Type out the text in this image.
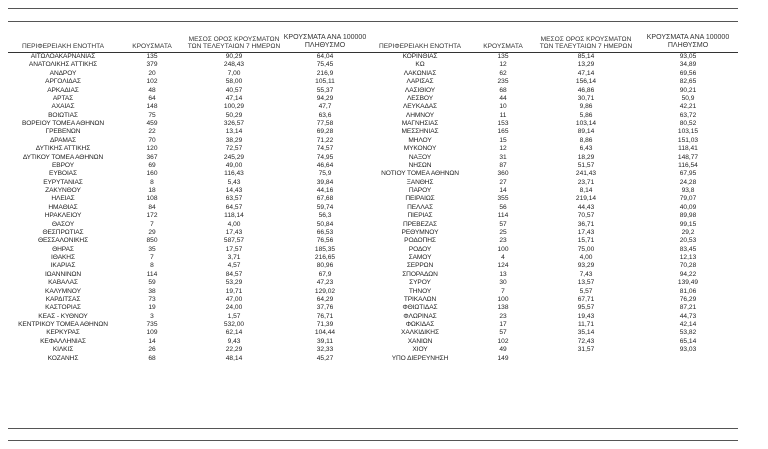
ΠΕΡΙΦΕΡΕΙΑΚΗ ΕΝΟΤΗΤΑ	ΚΡΟΥΣΜΑΤΑ	ΜΕΣΟΣ ΟΡΟΣ ΚΡΟΥΣΜΑΤΩΝ ΤΩΝ ΤΕΛΕΥΤΑΙΩΝ 7 ΗΜΕΡΩΝ	ΚΡΟΥΣΜΑΤΑ ΑΝΑ 100000 ΠΛΗΘΥΣΜΟ	ΠΕΡΙΦΕΡΕΙΑΚΗ ΕΝΟΤΗΤΑ	ΚΡΟΥΣΜΑΤΑ	ΜΕΣΟΣ ΟΡΟΣ ΚΡΟΥΣΜΑΤΩΝ ΤΩΝ ΤΕΛΕΥΤΑΙΩΝ 7 ΗΜΕΡΩΝ	ΚΡΟΥΣΜΑΤΑ ΑΝΑ 100000 ΠΛΗΘΥΣΜΟ
ΑΙΤΩΛΟΑΚΑΡΝΑΝΙΑΣ	135	90,29	64,04	ΚΟΡΙΝΘΙΑΣ	135	85,14	93,05
ΑΝΑΤΟΛΙΚΗΣ ΑΤΤΙΚΗΣ	379	248,43	75,45	ΚΩ	12	13,29	34,89
ΑΝΔΡΟΥ	20	7,00	216,9	ΛΑΚΩΝΙΑΣ	62	47,14	69,56
ΑΡΓΟΛΙΔΑΣ	102	58,00	105,11	ΛΑΡΙΣΑΣ	235	156,14	82,65
ΑΡΚΑΔΙΑΣ	48	40,57	55,37	ΛΑΣΙΘΙΟΥ	68	46,86	90,21
ΑΡΤΑΣ	64	47,14	94,29	ΛΕΣΒΟΥ	44	30,71	50,9
ΑΧΑΪΑΣ	148	100,29	47,7	ΛΕΥΚΑΔΑΣ	10	9,86	42,21
ΒΟΙΩΤΙΑΣ	75	50,29	63,6	ΛΗΜΝΟΥ	11	5,86	63,72
ΒΟΡΕΙΟΥ ΤΟΜΕΑ ΑΘΗΝΩΝ	459	326,57	77,58	ΜΑΓΝΗΣΙΑΣ	153	103,14	80,52
ΓΡΕΒΕΝΩΝ	22	13,14	69,28	ΜΕΣΣΗΝΙΑΣ	165	89,14	103,15
ΔΡΑΜΑΣ	70	38,29	71,22	ΜΗΛΟΥ	15	8,86	151,03
ΔΥΤΙΚΗΣ ΑΤΤΙΚΗΣ	120	72,57	74,57	ΜΥΚΟΝΟΥ	12	6,43	118,41
ΔΥΤΙΚΟΥ ΤΟΜΕΑ ΑΘΗΝΩΝ	367	245,29	74,95	ΝΑΞΟΥ	31	18,29	148,77
ΕΒΡΟΥ	69	49,00	46,64	ΝΗΣΩΝ	87	51,57	116,54
ΕΥΒΟΙΑΣ	160	116,43	75,9	ΝΟΤΙΟΥ ΤΟΜΕΑ ΑΘΗΝΩΝ	360	241,43	67,95
ΕΥΡΥΤΑΝΙΑΣ	8	5,43	39,84	ΞΑΝΘΗΣ	27	23,71	24,28
ΖΑΚΥΝΘΟΥ	18	14,43	44,16	ΠΑΡΟΥ	14	8,14	93,8
ΗΛΕΙΑΣ	108	63,57	67,68	ΠΕΙΡΑΙΩΣ	355	219,14	79,07
ΗΜΑΘΙΑΣ	84	64,57	59,74	ΠΕΛΛΑΣ	56	44,43	40,09
ΗΡΑΚΛΕΙΟΥ	172	118,14	56,3	ΠΙΕΡΙΑΣ	114	70,57	89,98
ΘΑΣΟΥ	7	4,00	50,84	ΠΡΕΒΕΖΑΣ	57	36,71	99,15
ΘΕΣΠΡΩΤΙΑΣ	29	17,43	66,53	ΡΕΘΥΜΝΟΥ	25	17,43	29,2
ΘΕΣΣΑΛΟΝΙΚΗΣ	850	587,57	76,56	ΡΟΔΟΠΗΣ	23	15,71	20,53
ΘΗΡΑΣ	35	17,57	185,35	ΡΟΔΟΥ	100	75,00	83,45
ΙΘΑΚΗΣ	7	3,71	216,65	ΣΑΜΟΥ	4	4,00	12,13
ΙΚΑΡΙΑΣ	8	4,57	80,96	ΣΕΡΡΩΝ	124	93,29	70,28
ΙΩΑΝΝΙΝΩΝ	114	84,57	67,9	ΣΠΟΡΑΔΩΝ	13	7,43	94,22
ΚΑΒΑΛΑΣ	59	53,29	47,23	ΣΥΡΟΥ	30	13,57	139,49
ΚΑΛΥΜΝΟΥ	38	19,71	129,02	ΤΗΝΟΥ	7	5,57	81,06
ΚΑΡΔΙΤΣΑΣ	73	47,00	64,29	ΤΡΙΚΑΛΩΝ	100	67,71	76,29
ΚΑΣΤΟΡΙΑΣ	19	24,00	37,76	ΦΘΙΩΤΙΔΑΣ	138	95,57	87,21
ΚΕΑΣ - ΚΥΘΝΟΥ	3	1,57	76,71	ΦΛΩΡΙΝΑΣ	23	19,43	44,73
ΚΕΝΤΡΙΚΟΥ ΤΟΜΕΑ ΑΘΗΝΩΝ	735	532,00	71,39	ΦΩΚΙΔΑΣ	17	11,71	42,14
ΚΕΡΚΥΡΑΣ	109	62,14	104,44	ΧΑΛΚΙΔΙΚΗΣ	57	35,14	53,82
ΚΕΦΑΛΛΗΝΙΑΣ	14	9,43	39,11	ΧΑΝΙΩΝ	102	72,43	65,14
ΚΙΛΚΙΣ	26	22,29	32,33	ΧΙΟΥ	49	31,57	93,03
ΚΟΖΑΝΗΣ	68	48,14	45,27	ΥΠΟ ΔΙΕΡΕΥΝΗΣΗ	149		
